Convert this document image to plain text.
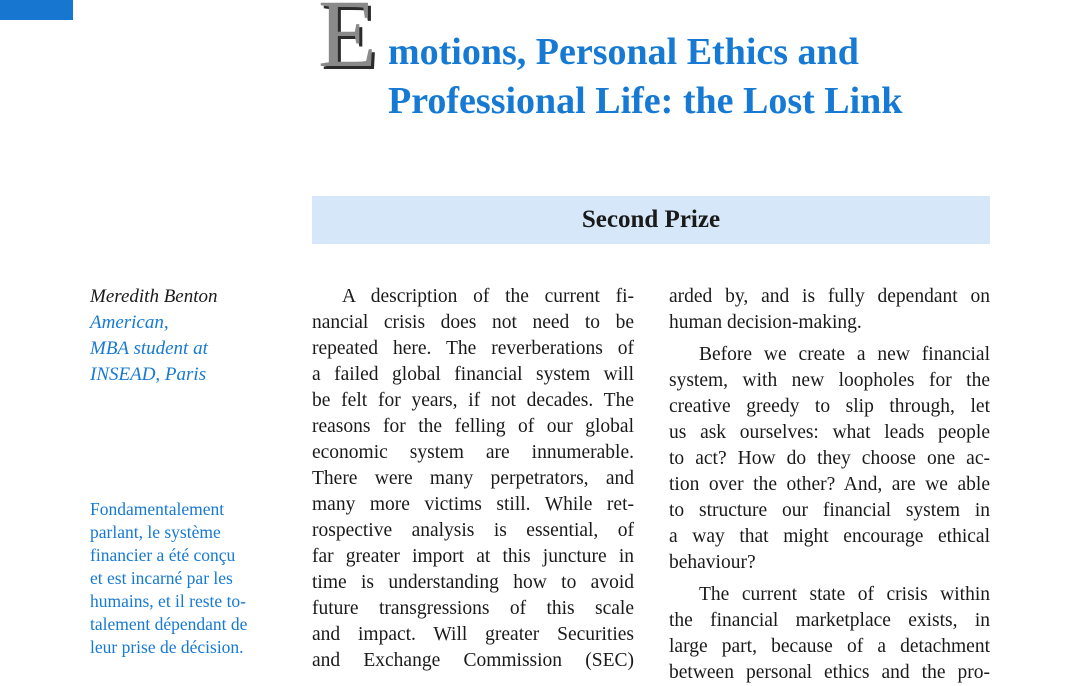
E motions, Personal Ethics and
Professional Life: the Lost Link
Second Prize
Meredith Benton
American,
MBA student at
INSEAD, Paris
Fondamentalement
parlant, le système
financier a été conçu
et est incarné par les
humains, et il reste to-
talement dépendant de
leur prise de décision.
A description of the current fi-
nancial crisis does not need to be
repeated here. The reverberations of
a failed global financial system will
be felt for years, if not decades. The
reasons for the felling of our global
economic system are innumerable.
There were many perpetrators, and
many more victims still. While ret-
rospective analysis is essential, of
far greater import at this juncture in
time is understanding how to avoid
future transgressions of this scale
and impact. Will greater Securities
and Exchange Commission (SEC)
arded by, and is fully dependant on
human decision-making.
Before we create a new financial
system, with new loopholes for the
creative greedy to slip through, let
us ask ourselves: what leads people
to act? How do they choose one ac-
tion over the other? And, are we able
to structure our financial system in
a way that might encourage ethical
behaviour?
The current state of crisis within
the financial marketplace exists, in
large part, because of a detachment
between personal ethics and the pro-
